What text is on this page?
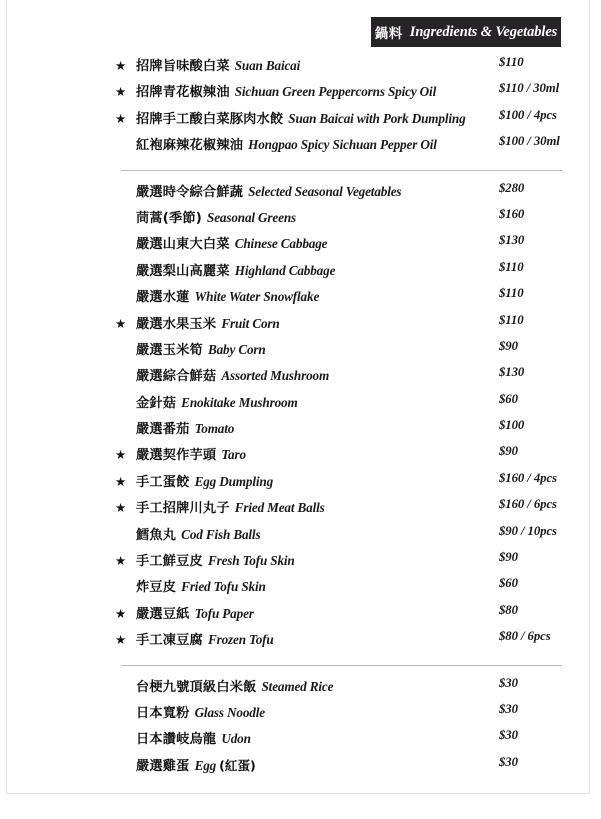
鍋料 Ingredients & Vegetables
★ 招牌旨味酸白菜 Suan Baicai	$110
★ 招牌青花椒辣油 Sichuan Green Peppercorns Spicy Oil	$110 / 30ml
★ 招牌手工酸白菜豚肉水餃 Suan Baicai with Pork Dumpling	$100 / 4pcs
紅袍麻辣花椒辣油 Hongpao Spicy Sichuan Pepper Oil	$100 / 30ml
嚴選時令綜合鮮蔬 Selected Seasonal Vegetables	$280
茼蒿(季節) Seasonal Greens	$160
嚴選山東大白菜 Chinese Cabbage	$130
嚴選梨山高麗菜 Highland Cabbage	$110
嚴選水蓮 White Water Snowflake	$110
★ 嚴選水果玉米 Fruit Corn	$110
嚴選玉米筍 Baby Corn	$90
嚴選綜合鮮菇 Assorted Mushroom	$130
金針菇 Enokitake Mushroom	$60
嚴選番茄 Tomato	$100
★ 嚴選契作芋頭 Taro	$90
★ 手工蛋餃 Egg Dumpling	$160 / 4pcs
★ 手工招牌川丸子 Fried Meat Balls	$160 / 6pcs
鱈魚丸 Cod Fish Balls	$90 / 10pcs
★ 手工鮮豆皮 Fresh Tofu Skin	$90
炸豆皮 Fried Tofu Skin	$60
★ 嚴選豆紙 Tofu Paper	$80
★ 手工凍豆腐 Frozen Tofu	$80 / 6pcs
台梗九號頂級白米飯 Steamed Rice	$30
日本寬粉 Glass Noodle	$30
日本讚岐烏龍 Udon	$30
嚴選雞蛋 Egg (紅蛋)	$30
